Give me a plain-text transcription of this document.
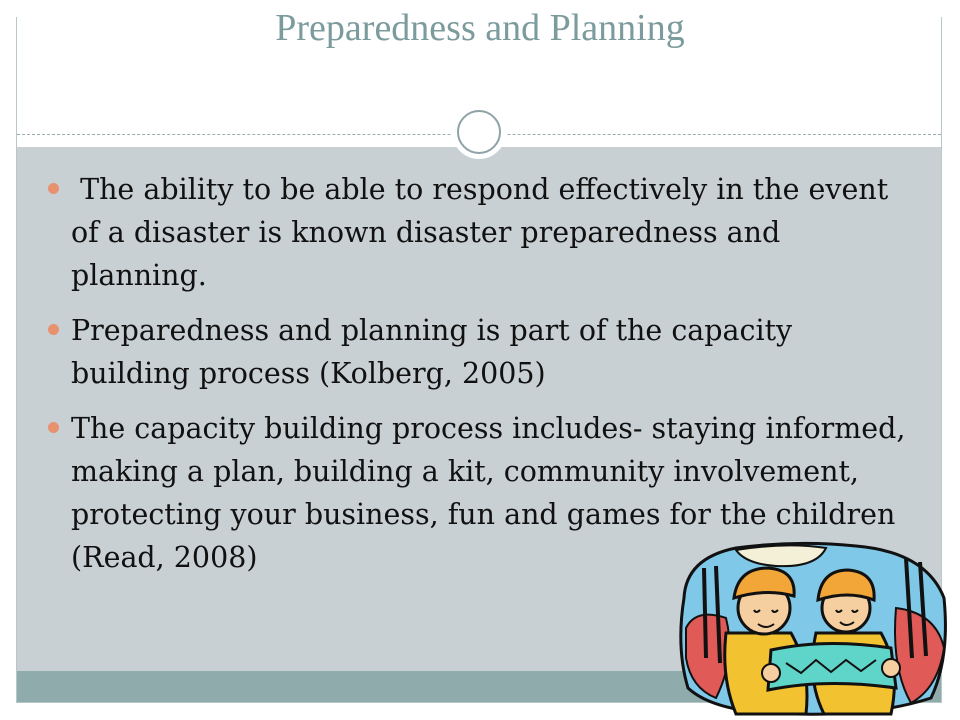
Preparedness and Planning
The ability to be able to respond effectively in the event of a disaster is known disaster preparedness and planning.
Preparedness and planning is part of the capacity building process (Kolberg, 2005)
The capacity building process includes- staying informed, making a plan, building a kit, community involvement, protecting your business, fun and games for the children (Read, 2008)
